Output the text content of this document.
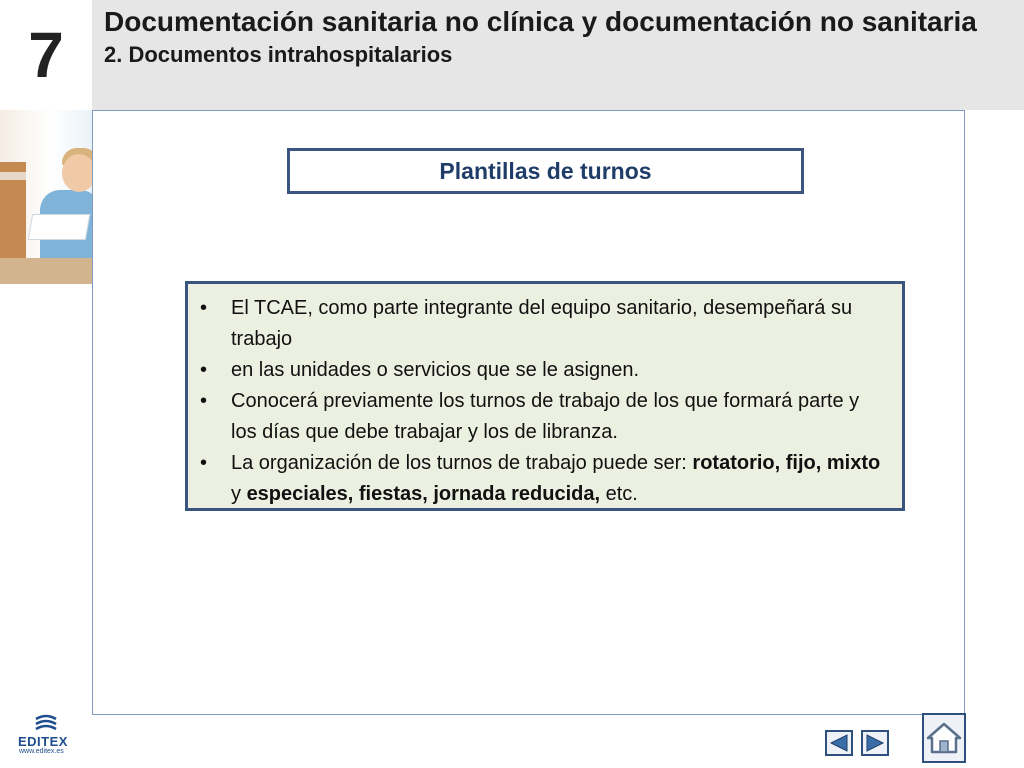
7	Documentación sanitaria no clínica y documentación no sanitaria
2. Documentos intrahospitalarios
Plantillas de turnos
• El TCAE, como parte integrante del equipo sanitario, desempeñará su trabajo
• en las unidades o servicios que se le asignen.
• Conocerá previamente los turnos de trabajo de los que formará parte y los días que debe trabajar y los de libranza.
• La organización de los turnos de trabajo puede ser: rotatorio, fijo, mixto y especiales, fiestas, jornada reducida, etc.
EDITEX
www.editex.es
